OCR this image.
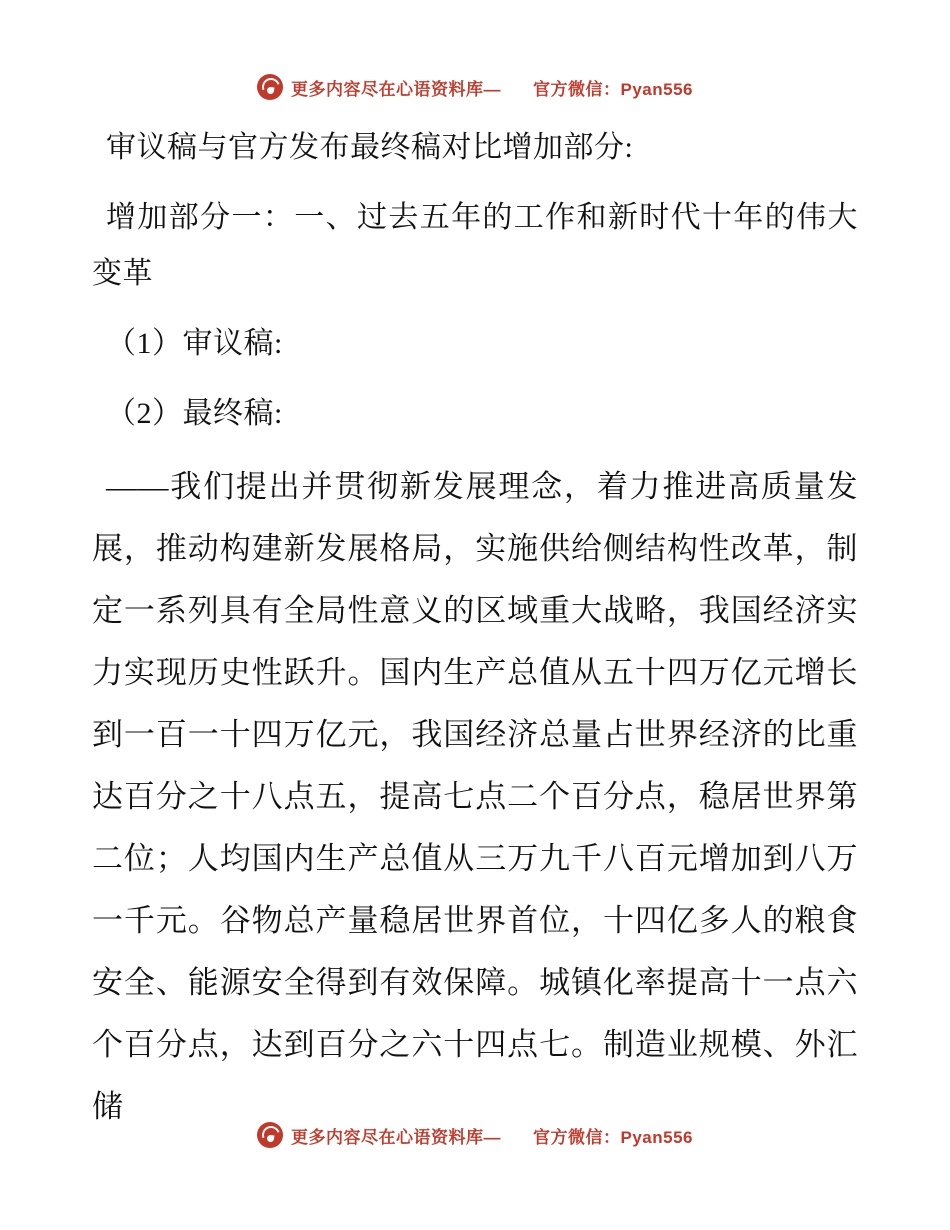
更多内容尽在心语资料库— 官方微信：Pyan556

审议稿与官方发布最终稿对比增加部分:

增加部分一：一、过去五年的工作和新时代十年的伟大变革

（1）审议稿:

（2）最终稿:

——我们提出并贯彻新发展理念，着力推进高质量发展，推动构建新发展格局，实施供给侧结构性改革，制定一系列具有全局性意义的区域重大战略，我国经济实力实现历史性跃升。国内生产总值从五十四万亿元增长到一百一十四万亿元，我国经济总量占世界经济的比重达百分之十八点五，提高七点二个百分点，稳居世界第二位；人均国内生产总值从三万九千八百元增加到八万一千元。谷物总产量稳居世界首位，十四亿多人的粮食安全、能源安全得到有效保障。城镇化率提高十一点六个百分点，达到百分之六十四点七。制造业规模、外汇储

更多内容尽在心语资料库— 官方微信：Pyan556
